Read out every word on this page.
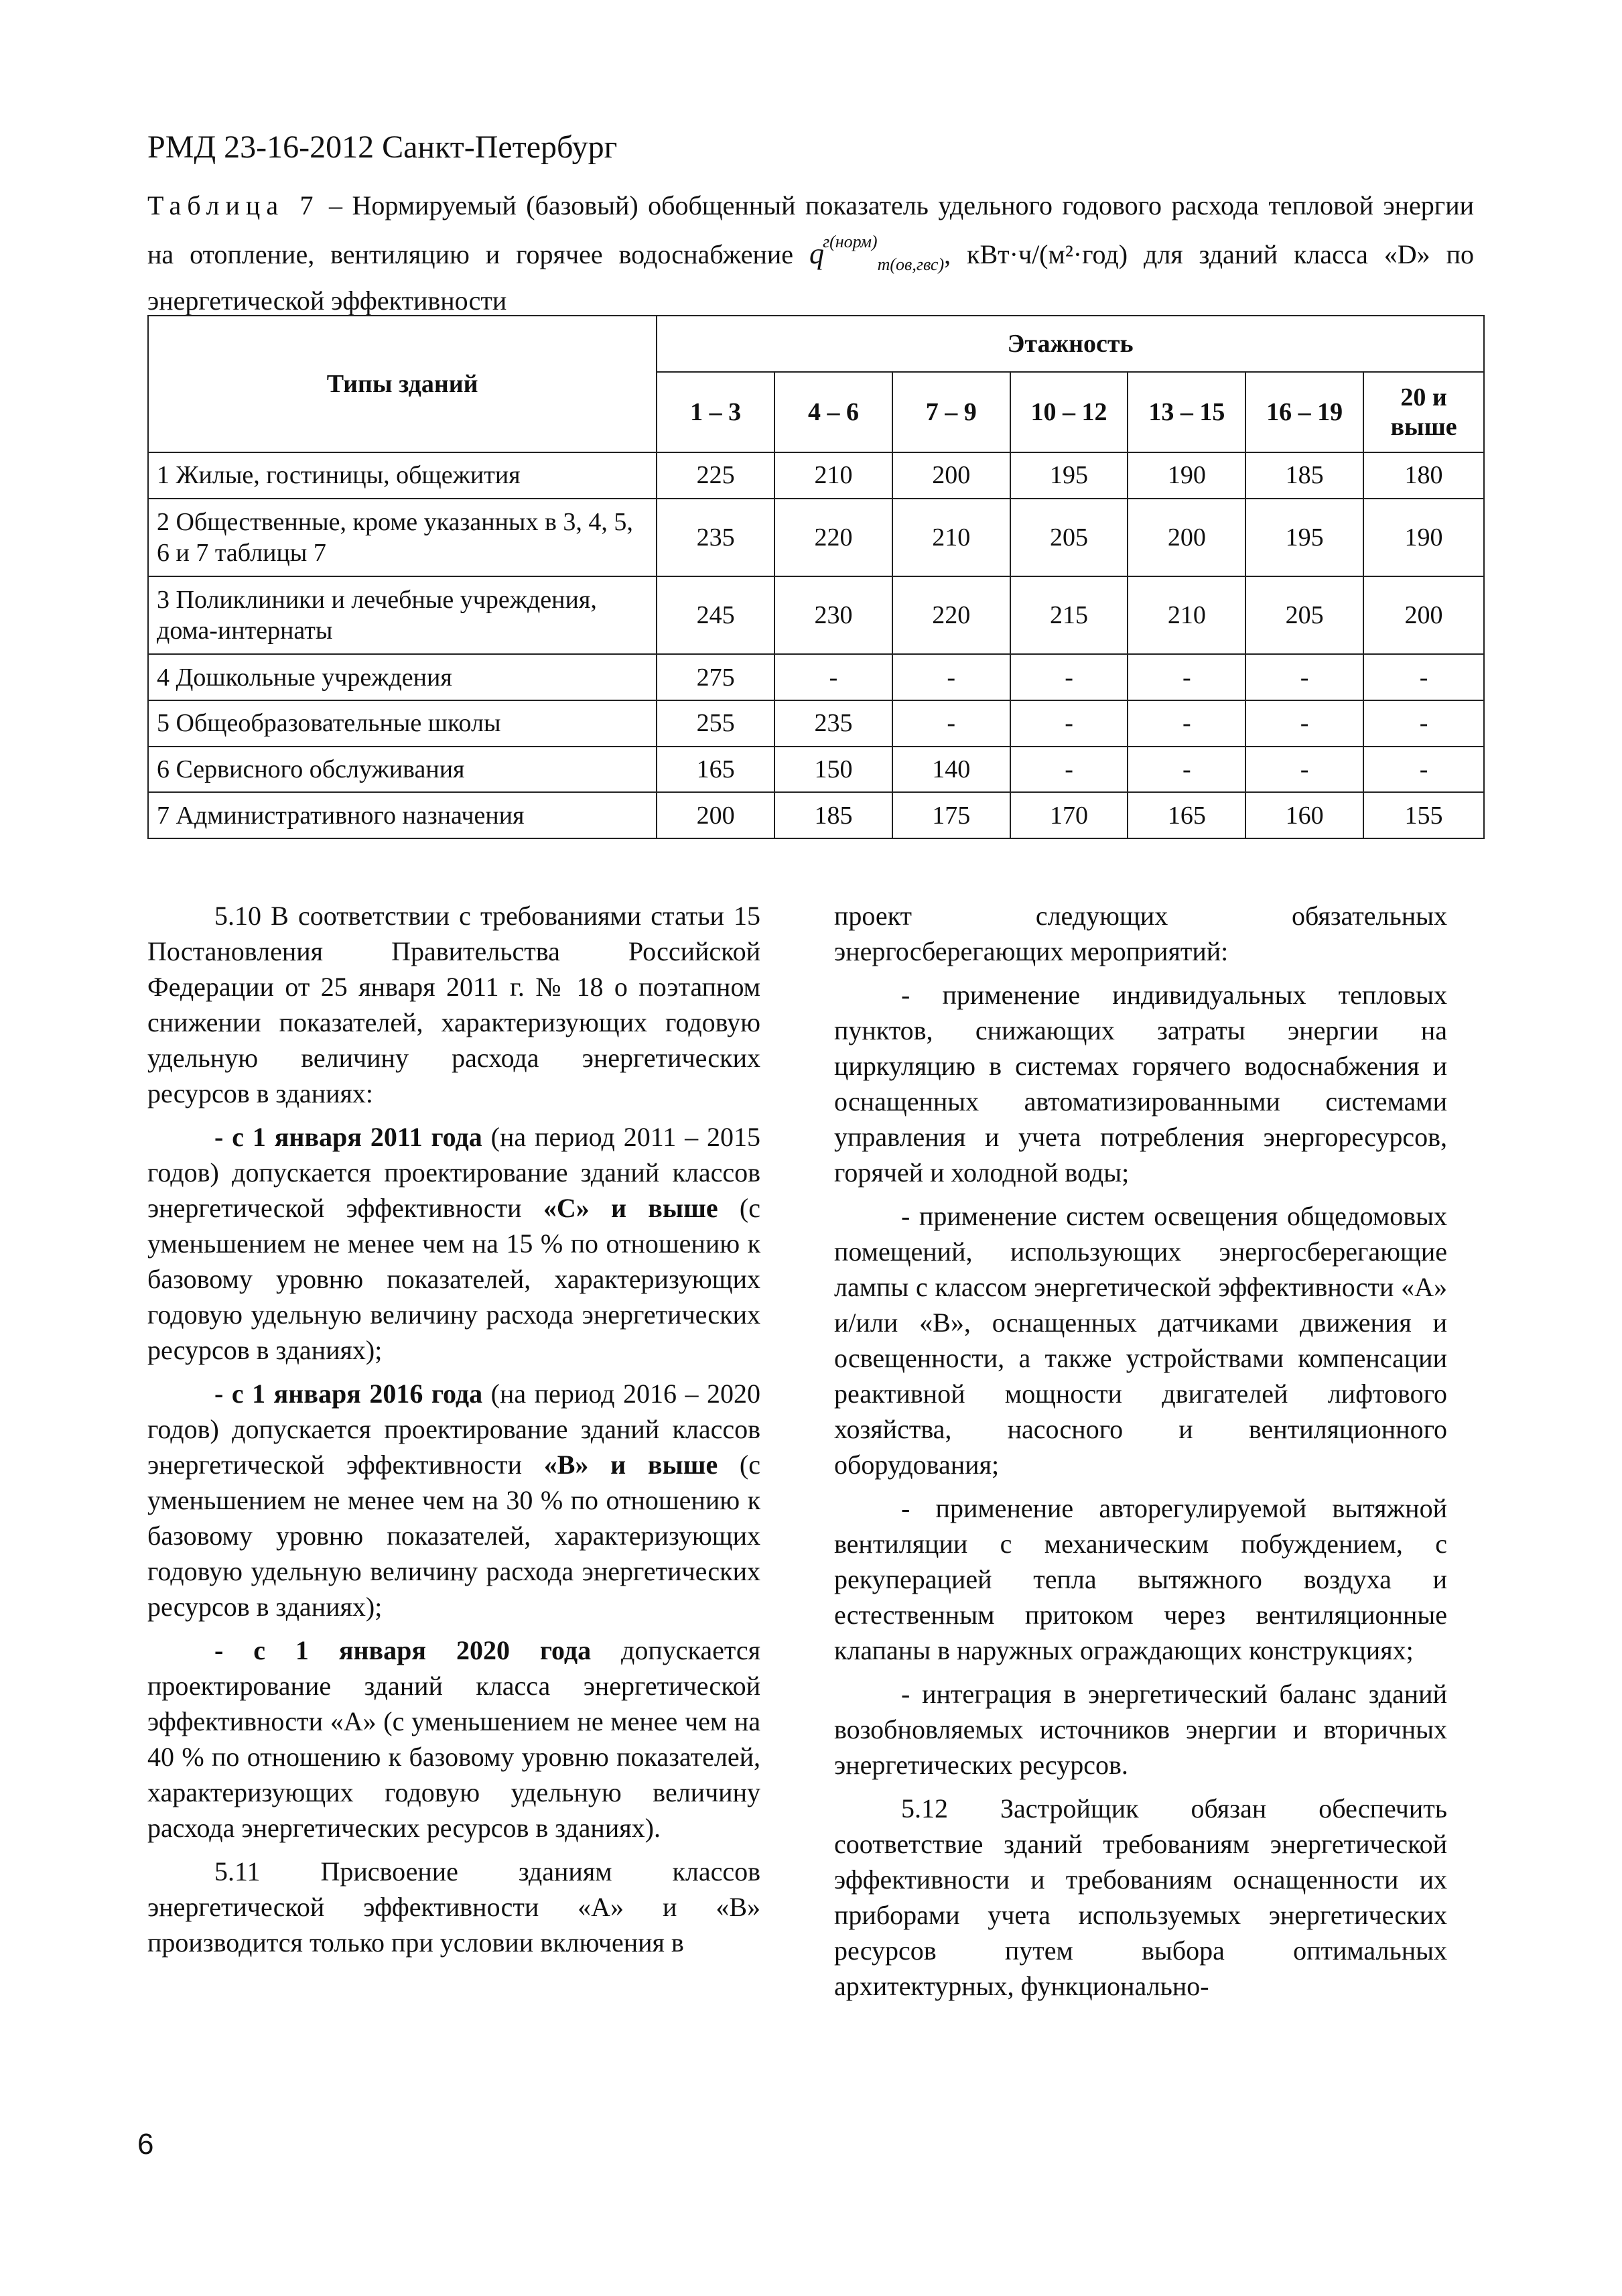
РМД 23-16-2012 Санкт-Петербург
Таблица 7 – Нормируемый (базовый) обобщенный показатель удельного годового расхода тепловой энергии на отопление, вентиляцию и горячее водоснабжение $q^{г(норм)}_{m(ов,гвс)}$, кВт·ч/(м²·год) для зданий класса «D» по энергетической эффективности
Типы зданий	Этажность						
	1 – 3	4 – 6	7 – 9	10 – 12	13 – 15	16 – 19	20 и выше
1 Жилые, гостиницы, общежития	225	210	200	195	190	185	180
2 Общественные, кроме указанных в 3, 4, 5, 6 и 7 таблицы 7	235	220	210	205	200	195	190
3 Поликлиники и лечебные учреждения, дома-интернаты	245	230	220	215	210	205	200
4 Дошкольные учреждения	275	-	-	-	-	-	-
5 Общеобразовательные школы	255	235	-	-	-	-	-
6 Сервисного обслуживания	165	150	140	-	-	-	-
7 Административного назначения	200	185	175	170	165	160	155

5.10 В соответствии с требованиями статьи 15 Постановления Правительства Российской Федерации от 25 января 2011 г. № 18 о поэтапном снижении показателей, характеризующих годовую удельную величину расхода энергетических ресурсов в зданиях:

- с 1 января 2011 года (на период 2011 – 2015 годов) допускается проектирование зданий классов энергетической эффективности «С» и выше (с уменьшением не менее чем на 15 % по отношению к базовому уровню показателей, характеризующих годовую удельную величину расхода энергетических ресурсов в зданиях);

- с 1 января 2016 года (на период 2016 – 2020 годов) допускается проектирование зданий классов энергетической эффективности «В» и выше (с уменьшением не менее чем на 30 % по отношению к базовому уровню показателей, характеризующих годовую удельную величину расхода энергетических ресурсов в зданиях);

- с 1 января 2020 года допускается проектирование зданий класса энергетической эффективности «А» (с уменьшением не менее чем на 40 % по отношению к базовому уровню показателей, характеризующих годовую удельную величину расхода энергетических ресурсов в зданиях).

5.11 Присвоение зданиям классов энергетической эффективности «А» и «В» производится только при условии включения в

проект следующих обязательных энергосберегающих мероприятий:

- применение индивидуальных тепловых пунктов, снижающих затраты энергии на циркуляцию в системах горячего водоснабжения и оснащенных автоматизированными системами управления и учета потребления энергоресурсов, горячей и холодной воды;

- применение систем освещения общедомовых помещений, использующих энергосберегающие лампы с классом энергетической эффективности «А» и/или «В», оснащенных датчиками движения и освещенности, а также устройствами компенсации реактивной мощности двигателей лифтового хозяйства, насосного и вентиляционного оборудования;

- применение авторегулируемой вытяжной вентиляции с механическим побуждением, с рекуперацией тепла вытяжного воздуха и естественным притоком через вентиляционные клапаны в наружных ограждающих конструкциях;

- интеграция в энергетический баланс зданий возобновляемых источников энергии и вторичных энергетических ресурсов.

5.12 Застройщик обязан обеспечить соответствие зданий требованиям энергетической эффективности и требованиям оснащенности их приборами учета используемых энергетических ресурсов путем выбора оптимальных архитектурных, функционально-

6
